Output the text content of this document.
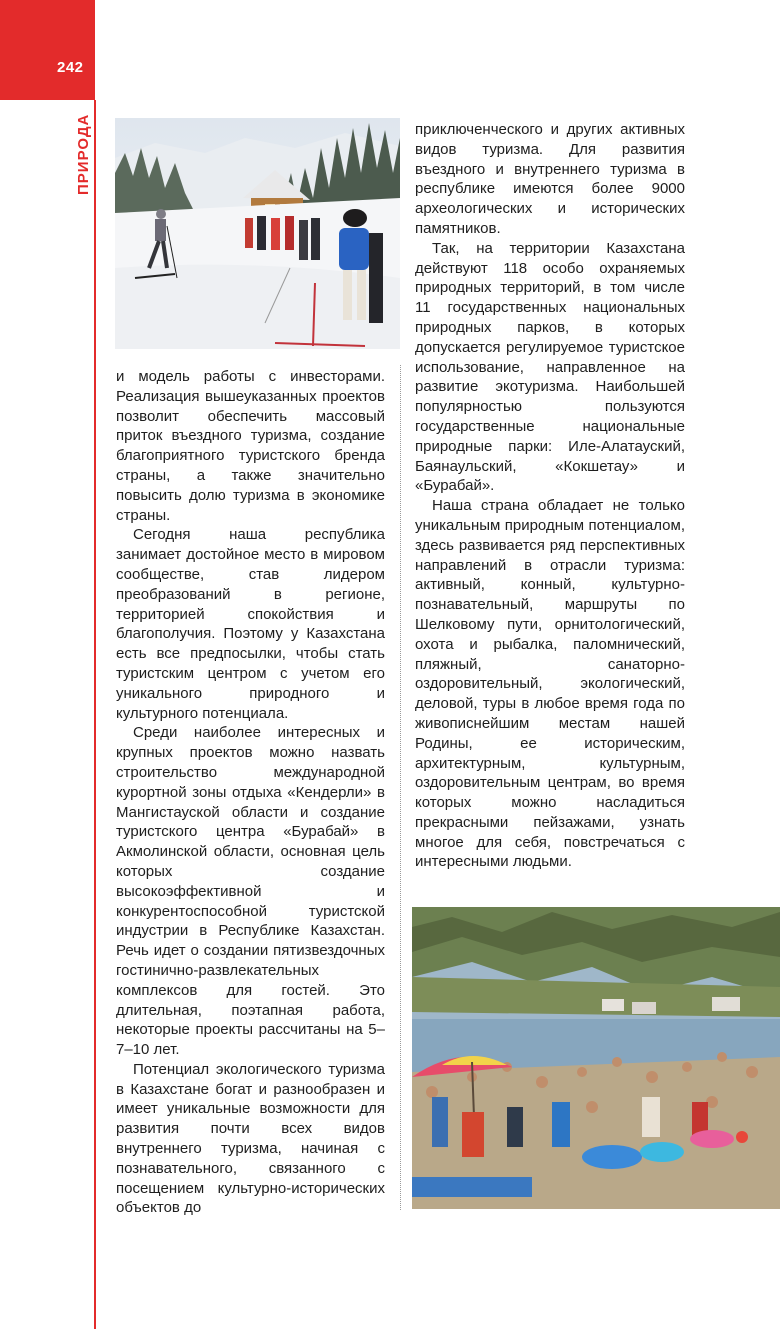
242
ПРИРОДА

и модель работы с инвесторами. Реализация вышеуказанных проектов позволит обеспечить массовый приток въездного туризма, создание благоприятного туристского бренда страны, а также значительно повысить долю туризма в экономике страны.

Сегодня наша республика занимает достойное место в мировом сообществе, став лидером преобразований в регионе, территорией спокойствия и благополучия. Поэтому у Казахстана есть все предпосылки, чтобы стать туристским центром с учетом его уникального природного и культурного потенциала.

Среди наиболее интересных и крупных проектов можно назвать строительство международной курортной зоны отдыха «Кендерли» в Мангистауской области и создание туристского центра «Бурабай» в Акмолинской области, основная цель которых создание высокоэффективной и конкурентоспособной туристской индустрии в Республике Казахстан. Речь идет о создании пятизвездочных гостинично-развлекательных комплексов для гостей. Это длительная, поэтапная работа, некоторые проекты рассчитаны на 5–7–10 лет.

Потенциал экологического туризма в Казахстане богат и разнообразен и имеет уникальные возможности для развития почти всех видов внутреннего туризма, начиная с познавательного, связанного с посещением культурно-исторических объектов до

приключенческого и других активных видов туризма. Для развития въездного и внутреннего туризма в республике имеются более 9000 археологических и исторических памятников.

Так, на территории Казахстана действуют 118 особо охраняемых природных территорий, в том числе 11 государственных национальных природных парков, в которых допускается регулируемое туристское использование, направленное на развитие экотуризма. Наибольшей популярностью пользуются государственные национальные природные парки: Иле-Алатауский, Баянаульский, «Кокшетау» и «Бурабай».

Наша страна обладает не только уникальным природным потенциалом, здесь развивается ряд перспективных направлений в отрасли туризма: активный, конный, культурно-познавательный, маршруты по Шелковому пути, орнитологический, охота и рыбалка, паломнический, пляжный, санаторно-оздоровительный, экологический, деловой, туры в любое время года по живописнейшим местам нашей Родины, ее историческим, архитектурным, культурным, оздоровительным центрам, во время которых можно насладиться прекрасными пейзажами, узнать многое для себя, повстречаться с интересными людьми.
